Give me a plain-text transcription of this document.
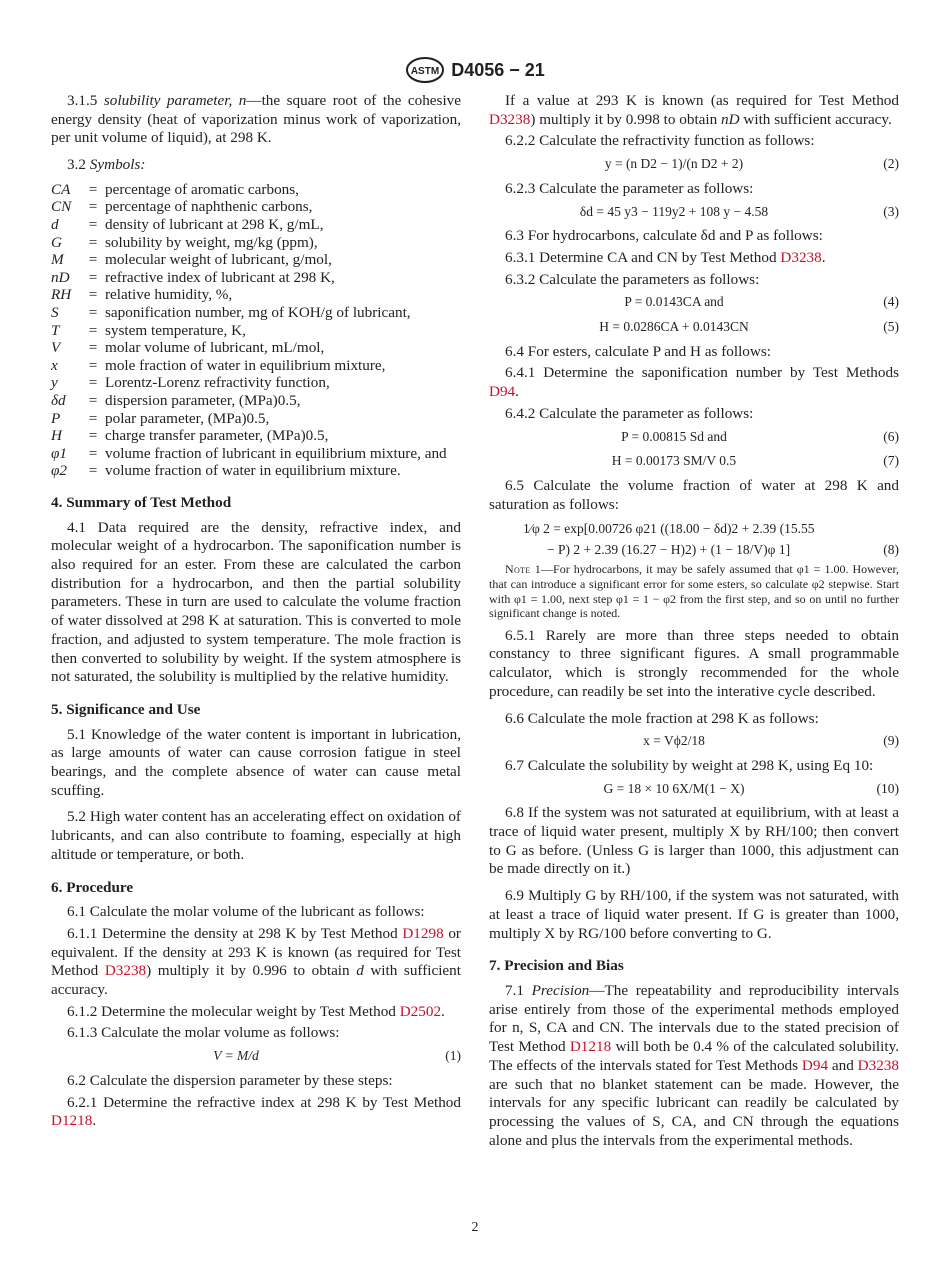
ASTM D4056 − 21

3.1.5 solubility parameter, n—the square root of the cohesive energy density (heat of vaporization minus work of vaporization, per unit volume of liquid), at 298 K.

3.2 Symbols:

CA	=	percentage of aromatic carbons,
CN	=	percentage of naphthenic carbons,
d	=	density of lubricant at 298 K, g/mL,
G	=	solubility by weight, mg/kg (ppm),
M	=	molecular weight of lubricant, g/mol,
nD	=	refractive index of lubricant at 298 K,
RH	=	relative humidity, %,
S	=	saponification number, mg of KOH/g of lubricant,
T	=	system temperature, K,
V	=	molar volume of lubricant, mL/mol,
x	=	mole fraction of water in equilibrium mixture,
y	=	Lorentz-Lorenz refractivity function,
δd	=	dispersion parameter, (MPa)0.5,
P	=	polar parameter, (MPa)0.5,
H	=	charge transfer parameter, (MPa)0.5,
φ1	=	volume fraction of lubricant in equilibrium mixture, and
φ2	=	volume fraction of water in equilibrium mixture.
4. Summary of Test Method

4.1 Data required are the density, refractive index, and molecular weight of a hydrocarbon. The saponification number is also required for an ester. From these are calculated the carbon distribution for a hydrocarbon, and then the partial solubility parameters. These in turn are used to calculate the volume fraction of water dissolved at 298 K at saturation. This is converted to mole fraction, and adjusted to system temperature. The mole fraction is then converted to solubility by weight. If the system atmosphere is not saturated, the solubility is multiplied by the relative humidity.

5. Significance and Use

5.1 Knowledge of the water content is important in lubrication, as large amounts of water can cause corrosion fatigue in steel bearings, and the complete absence of water can cause metal scuffing.

5.2 High water content has an accelerating effect on oxidation of lubricants, and can also contribute to foaming, especially at high altitude or temperature, or both.

6. Procedure

6.1 Calculate the molar volume of the lubricant as follows:

6.1.1 Determine the density at 298 K by Test Method D1298 or equivalent. If the density at 293 K is known (as required for Test Method D3238) multiply it by 0.996 to obtain d with sufficient accuracy.

6.1.2 Determine the molecular weight by Test Method D2502.

6.1.3 Calculate the molar volume as follows:

V = M/d	(1)

6.2 Calculate the dispersion parameter by these steps:

6.2.1 Determine the refractive index at 298 K by Test Method D1218.

If a value at 293 K is known (as required for Test Method D3238) multiply it by 0.998 to obtain nD with sufficient accuracy.

6.2.2 Calculate the refractivity function as follows:

y = (n D2 − 1)/(n D2 + 2)	(2)

6.2.3 Calculate the parameter as follows:

δd = 45 y3 − 119y2 + 108 y − 4.58	(3)

6.3 For hydrocarbons, calculate δd and P as follows:

6.3.1 Determine CA and CN by Test Method D3238.

6.3.2 Calculate the parameters as follows:

P = 0.0143CA and	(4)
H = 0.0286CA + 0.0143CN	(5)

6.4 For esters, calculate P and H as follows:

6.4.1 Determine the saponification number by Test Methods D94.

6.4.2 Calculate the parameter as follows:

P = 0.00815 Sd and	(6)
H = 0.00173 SM/V 0.5	(7)

6.5 Calculate the volume fraction of water at 298 K and saturation as follows:

1⁄φ 2 = exp[0.00726 φ21 ((18.00 − δd)2 + 2.39 (15.55
− P) 2 + 2.39 (16.27 − H)2) + (1 − 18/V)φ 1]	(8)

Note 1—For hydrocarbons, it may be safely assumed that φ1 = 1.00. However, that can introduce a significant error for some esters, so calculate φ2 stepwise. Start with φ1 = 1.00, next step φ1 = 1 − φ2 from the first step, and so on until no further significant change is noted.

6.5.1 Rarely are more than three steps needed to obtain constancy to three significant figures. A small programmable calculator, which is strongly recommended for the whole procedure, can readily be set into the interative cycle described.

6.6 Calculate the mole fraction at 298 K as follows:

x = Vϕ2/18	(9)

6.7 Calculate the solubility by weight at 298 K, using Eq 10:

G = 18 × 10 6X/M(1 − X)	(10)

6.8 If the system was not saturated at equilibrium, with at least a trace of liquid water present, multiply X by RH/100; then convert to G as before. (Unless G is larger than 1000, this adjustment can be made directly on it.)

6.9 Multiply G by RH/100, if the system was not saturated, with at least a trace of liquid water present. If G is greater than 1000, multiply X by RG/100 before converting to G.

7. Precision and Bias

7.1 Precision—The repeatability and reproducibility intervals arise entirely from those of the experimental methods employed for n, S, CA and CN. The intervals due to the stated precision of Test Method D1218 will both be 0.4 % of the calculated solubility. The effects of the intervals stated for Test Methods D94 and D3238 are such that no blanket statement can be made. However, the intervals for any specific lubricant can readily be calculated by processing the values of S, CA, and CN through the equations alone and plus the intervals from the experimental methods.

2
